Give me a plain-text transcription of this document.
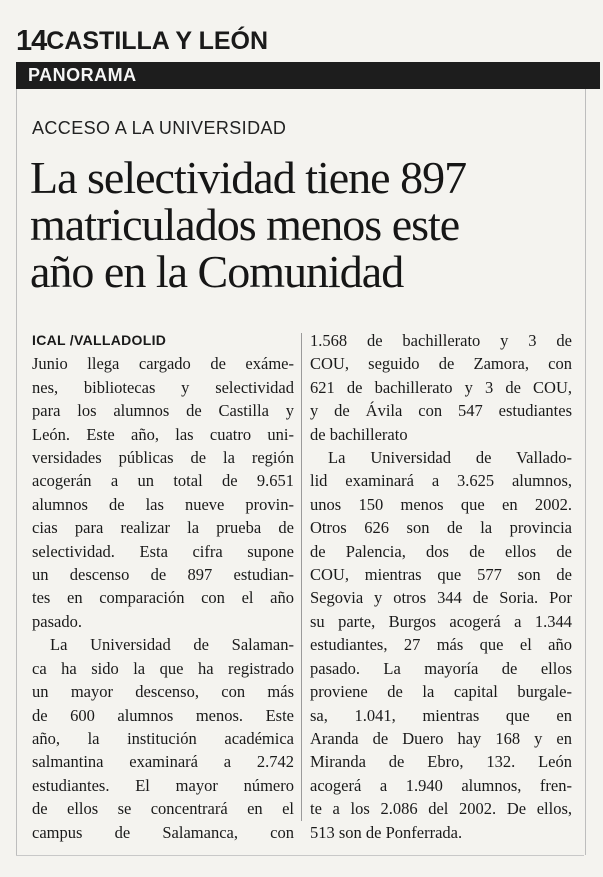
14 CASTILLA Y LEÓN
PANORAMA
ACCESO A LA UNIVERSIDAD
La selectividad tiene 897
matriculados menos este
año en la Comunidad
ICAL /VALLADOLID
Junio llega cargado de exáme-
nes, bibliotecas y selectividad
para los alumnos de Castilla y
León. Este año, las cuatro uni-
versidades públicas de la región
acogerán a un total de 9.651
alumnos de las nueve provin-
cias para realizar la prueba de
selectividad. Esta cifra supone
un descenso de 897 estudian-
tes en comparación con el año
pasado.
La Universidad de Salaman-
ca ha sido la que ha registrado
un mayor descenso, con más
de 600 alumnos menos. Este
año, la institución académica
salmantina examinará a 2.742
estudiantes. El mayor número
de ellos se concentrará en el
campus de Salamanca, con
1.568 de bachillerato y 3 de
COU, seguido de Zamora, con
621 de bachillerato y 3 de COU,
y de Ávila con 547 estudiantes
de bachillerato
La Universidad de Vallado-
lid examinará a 3.625 alumnos,
unos 150 menos que en 2002.
Otros 626 son de la provincia
de Palencia, dos de ellos de
COU, mientras que 577 son de
Segovia y otros 344 de Soria. Por
su parte, Burgos acogerá a 1.344
estudiantes, 27 más que el año
pasado. La mayoría de ellos
proviene de la capital burgale-
sa, 1.041, mientras que en
Aranda de Duero hay 168 y en
Miranda de Ebro, 132. León
acogerá a 1.940 alumnos, fren-
te a los 2.086 del 2002. De ellos,
513 son de Ponferrada.
